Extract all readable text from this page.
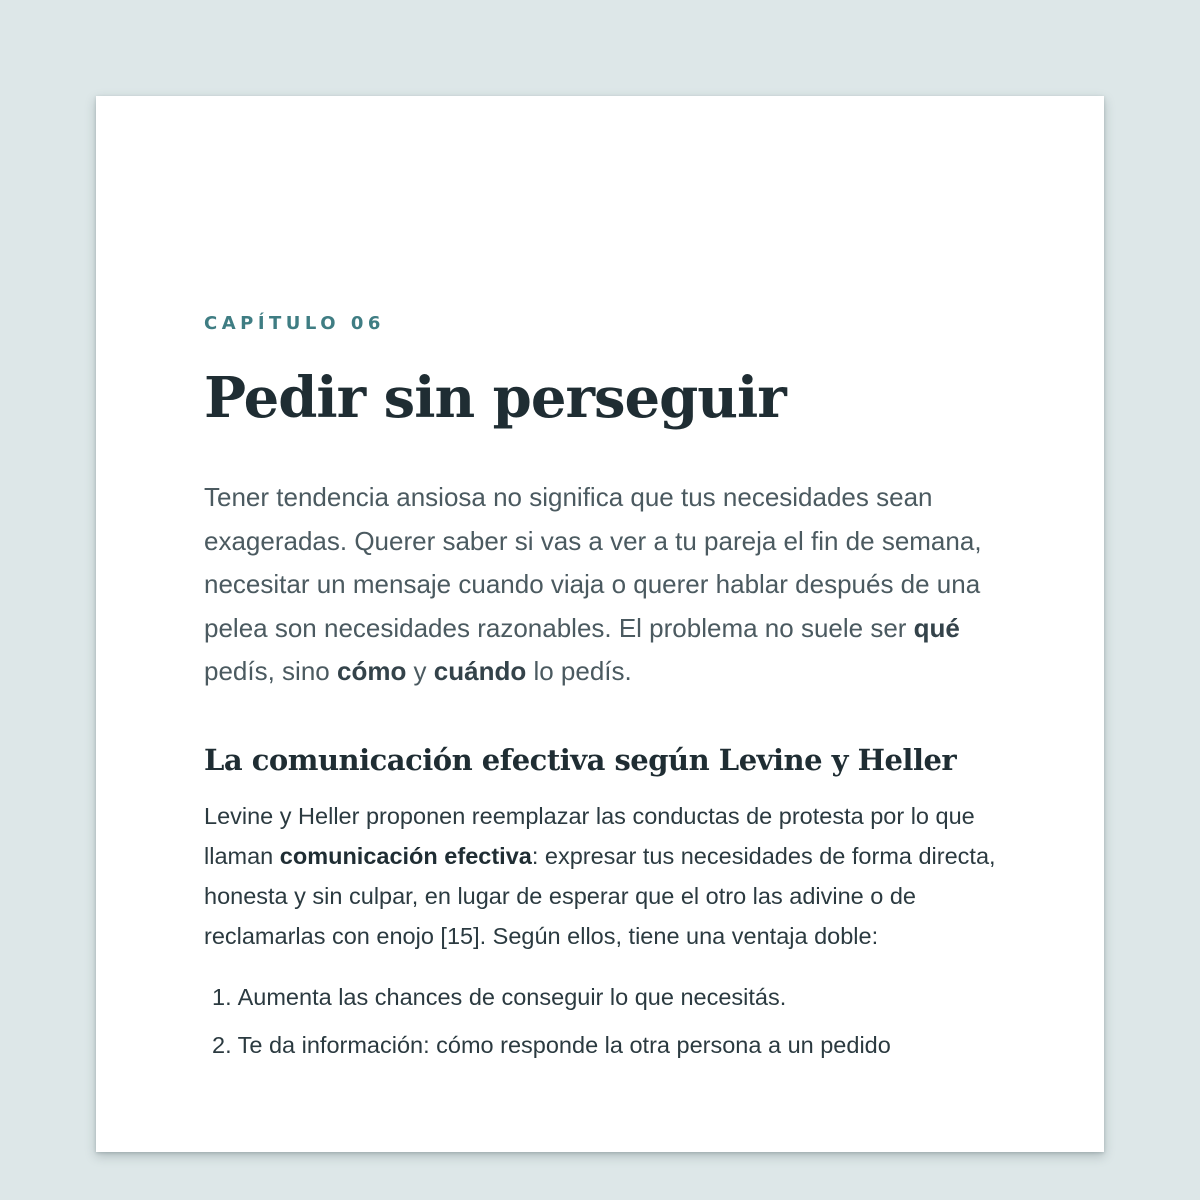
CAPÍTULO 06
Pedir sin perseguir

Tener tendencia ansiosa no significa que tus necesidades sean exageradas. Querer saber si vas a ver a tu pareja el fin de semana, necesitar un mensaje cuando viaja o querer hablar después de una pelea son necesidades razonables. El problema no suele ser qué pedís, sino cómo y cuándo lo pedís.

La comunicación efectiva según Levine y Heller

Levine y Heller proponen reemplazar las conductas de protesta por lo que llaman comunicación efectiva: expresar tus necesidades de forma directa, honesta y sin culpar, en lugar de esperar que el otro las adivine o de reclamarlas con enojo [15]. Según ellos, tiene una ventaja doble:

1. Aumenta las chances de conseguir lo que necesitás.
2. Te da información: cómo responde la otra persona a un pedido
